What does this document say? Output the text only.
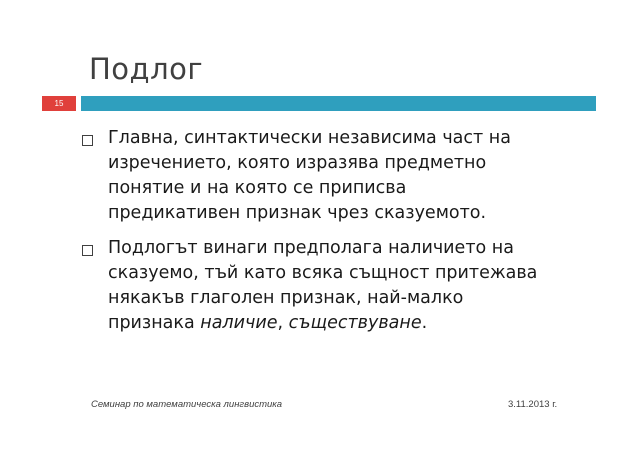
Подлог
15
Главна, синтактически независима част на
изречението, която изразява предметно
понятие и на която се приписва
предикативен признак чрез сказуемото.
Подлогът винаги предполага наличието на
сказуемо, тъй като всяка същност притежава
някакъв глаголен признак, най-малко
признака наличие, съществуване.
Семинар по математическа лингвистика	3.11.2013 г.
